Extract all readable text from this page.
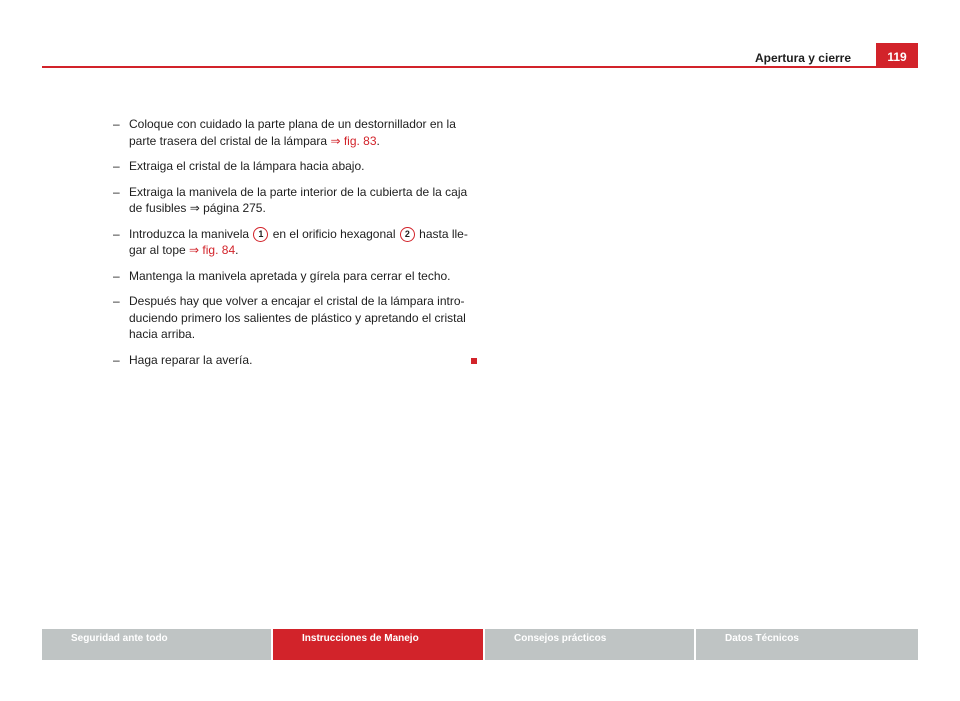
Apertura y cierre	119
– Coloque con cuidado la parte plana de un destornillador en la parte trasera del cristal de la lámpara ⇒ fig. 83.
– Extraiga el cristal de la lámpara hacia abajo.
– Extraiga la manivela de la parte interior de la cubierta de la caja de fusibles ⇒ página 275.
– Introduzca la manivela 1 en el orificio hexagonal 2 hasta lle-gar al tope ⇒ fig. 84.
– Mantenga la manivela apretada y gírela para cerrar el techo.
– Después hay que volver a encajar el cristal de la lámpara intro-duciendo primero los salientes de plástico y apretando el cristal hacia arriba.
– Haga reparar la avería.
Seguridad ante todo	Instrucciones de Manejo	Consejos prácticos	Datos Técnicos
